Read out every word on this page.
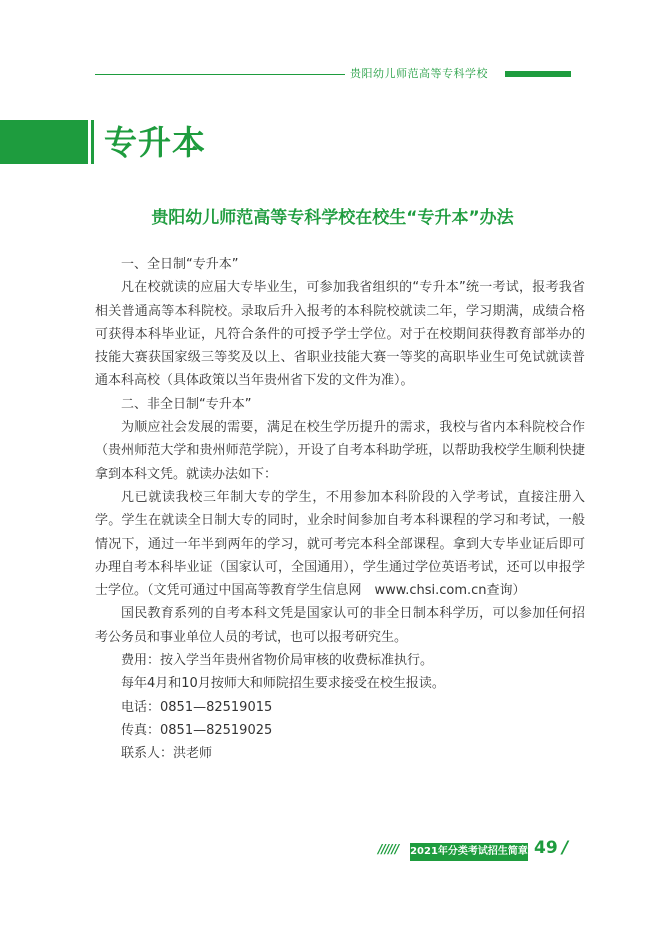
贵阳幼儿师范高等专科学校
专升本
贵阳幼儿师范高等专科学校在校生“专升本”办法

一、全日制“专升本”

凡在校就读的应届大专毕业生，可参加我省组织的“专升本”统一考试，报考我省相关普通高等本科院校。录取后升入报考的本科院校就读二年，学习期满，成绩合格可获得本科毕业证，凡符合条件的可授予学士学位。对于在校期间获得教育部举办的技能大赛获国家级三等奖及以上、省职业技能大赛一等奖的高职毕业生可免试就读普通本科高校（具体政策以当年贵州省下发的文件为准）。

二、非全日制“专升本”

为顺应社会发展的需要，满足在校生学历提升的需求，我校与省内本科院校合作（贵州师范大学和贵州师范学院），开设了自考本科助学班，以帮助我校学生顺利快捷拿到本科文凭。就读办法如下：

凡已就读我校三年制大专的学生，不用参加本科阶段的入学考试，直接注册入学。学生在就读全日制大专的同时，业余时间参加自考本科课程的学习和考试，一般情况下，通过一年半到两年的学习，就可考完本科全部课程。拿到大专毕业证后即可办理自考本科毕业证（国家认可，全国通用），学生通过学位英语考试，还可以申报学士学位。（文凭可通过中国高等教育学生信息网　www.chsi.com.cn查询）

国民教育系列的自考本科文凭是国家认可的非全日制本科学历，可以参加任何招考公务员和事业单位人员的考试，也可以报考研究生。

费用：按入学当年贵州省物价局审核的收费标准执行。

每年4月和10月按师大和师院招生要求接受在校生报读。

电话：0851—82519015

传真：0851—82519025

联系人：洪老师

////// 2021年分类考试招生简章 49 /
